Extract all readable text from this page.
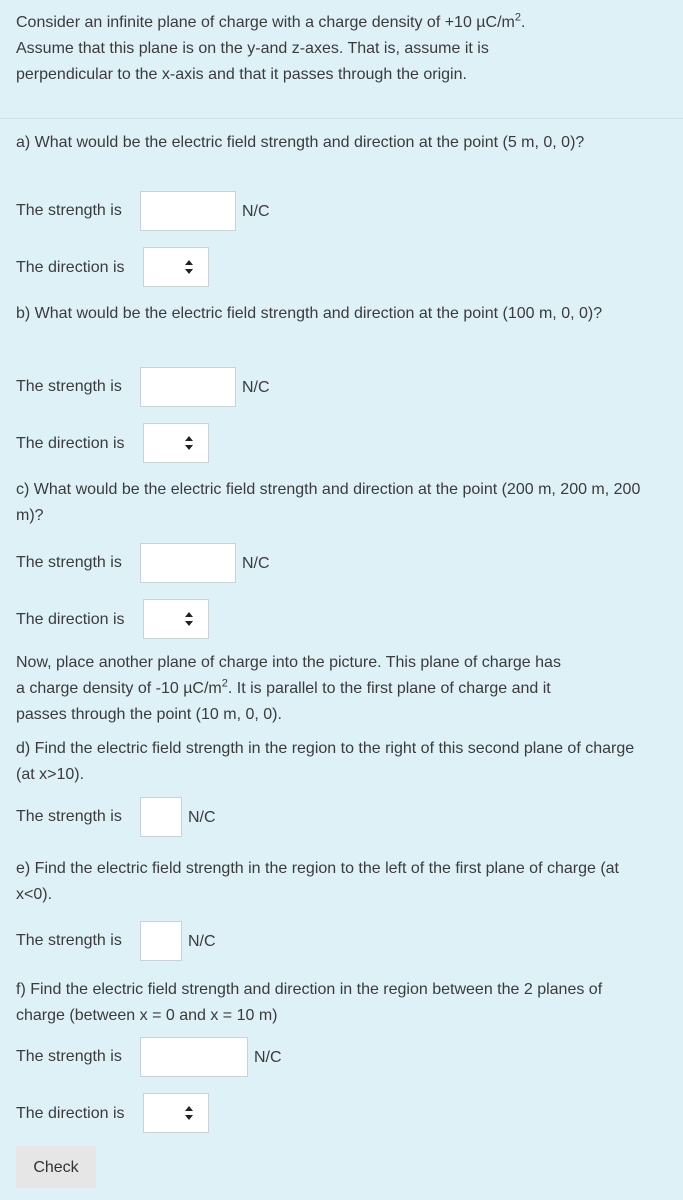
Consider an infinite plane of charge with a charge density of +10 $\mu C/m^2$.
Assume that this plane is on the y-and z-axes. That is, assume it is
perpendicular to the x-axis and that it passes through the origin.
a) What would be the electric field strength and direction at the point (5 m, 0, 0)?
The strength is	N/C
The direction is
b) What would be the electric field strength and direction at the point (100 m, 0, 0)?
The strength is	N/C
The direction is
c) What would be the electric field strength and direction at the point (200 m, 200 m, 200 m)?
The strength is	N/C
The direction is
Now, place another plane of charge into the picture. This plane of charge has
a charge density of -10 $\mu C/m^2$. It is parallel to the first plane of charge and it
passes through the point (10 m, 0, 0).
d) Find the electric field strength in the region to the right of this second plane of charge (at x>10).
The strength is	N/C
e) Find the electric field strength in the region to the left of the first plane of charge (at x<0).
The strength is	N/C
f) Find the electric field strength and direction in the region between the 2 planes of charge (between x = 0 and x = 10 m)
The strength is	N/C
The direction is
Check
